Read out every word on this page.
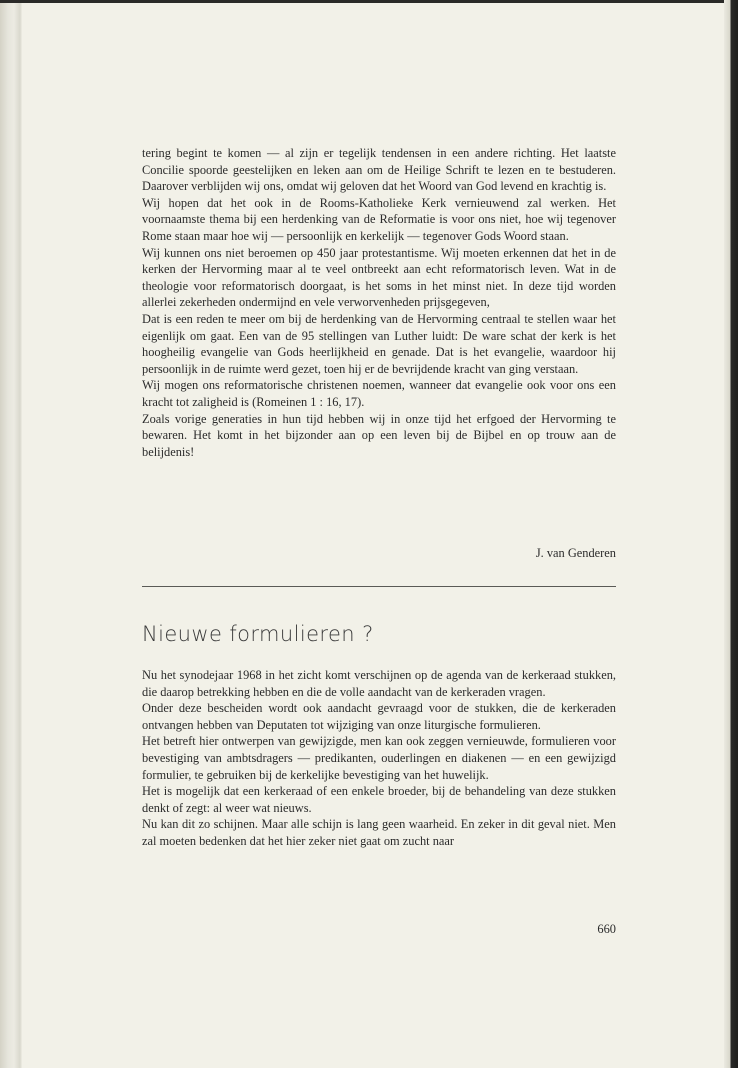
tering begint te komen — al zijn er tegelijk tendensen in een andere richting. Het laatste Concilie spoorde geestelijken en leken aan om de Heilige Schrift te lezen en te bestuderen. Daarover verblijden wij ons, omdat wij geloven dat het Woord van God levend en krachtig is.

Wij hopen dat het ook in de Rooms-Katholieke Kerk vernieuwend zal werken. Het voornaamste thema bij een herdenking van de Reformatie is voor ons niet, hoe wij tegenover Rome staan maar hoe wij — persoonlijk en kerkelijk — tegenover Gods Woord staan.

Wij kunnen ons niet beroemen op 450 jaar protestantisme. Wij moeten erkennen dat het in de kerken der Hervorming maar al te veel ontbreekt aan echt reformatorisch leven. Wat in de theologie voor reformatorisch doorgaat, is het soms in het minst niet. In deze tijd worden allerlei zekerheden ondermijnd en vele verworvenheden prijsgegeven,

Dat is een reden te meer om bij de herdenking van de Hervorming centraal te stellen waar het eigenlijk om gaat. Een van de 95 stellingen van Luther luidt: De ware schat der kerk is het hoogheilig evangelie van Gods heerlijkheid en genade. Dat is het evangelie, waardoor hij persoonlijk in de ruimte werd gezet, toen hij er de bevrijdende kracht van ging verstaan.

Wij mogen ons reformatorische christenen noemen, wanneer dat evangelie ook voor ons een kracht tot zaligheid is (Romeinen 1 : 16, 17).

Zoals vorige generaties in hun tijd hebben wij in onze tijd het erfgoed der Hervorming te bewaren. Het komt in het bijzonder aan op een leven bij de Bijbel en op trouw aan de belijdenis!

J. van Genderen
Nieuwe formulieren ?

Nu het synodejaar 1968 in het zicht komt verschijnen op de agenda van de kerkeraad stukken, die daarop betrekking hebben en die de volle aandacht van de kerkeraden vragen.

Onder deze bescheiden wordt ook aandacht gevraagd voor de stukken, die de kerkeraden ontvangen hebben van Deputaten tot wijziging van onze liturgische formulieren.

Het betreft hier ontwerpen van gewijzigde, men kan ook zeggen vernieuwde, formulieren voor bevestiging van ambtsdragers — predikanten, ouderlingen en diakenen — en een gewijzigd formulier, te gebruiken bij de kerkelijke bevestiging van het huwelijk.

Het is mogelijk dat een kerkeraad of een enkele broeder, bij de behandeling van deze stukken denkt of zegt: al weer wat nieuws.

Nu kan dit zo schijnen. Maar alle schijn is lang geen waarheid. En zeker in dit geval niet. Men zal moeten bedenken dat het hier zeker niet gaat om zucht naar

660
